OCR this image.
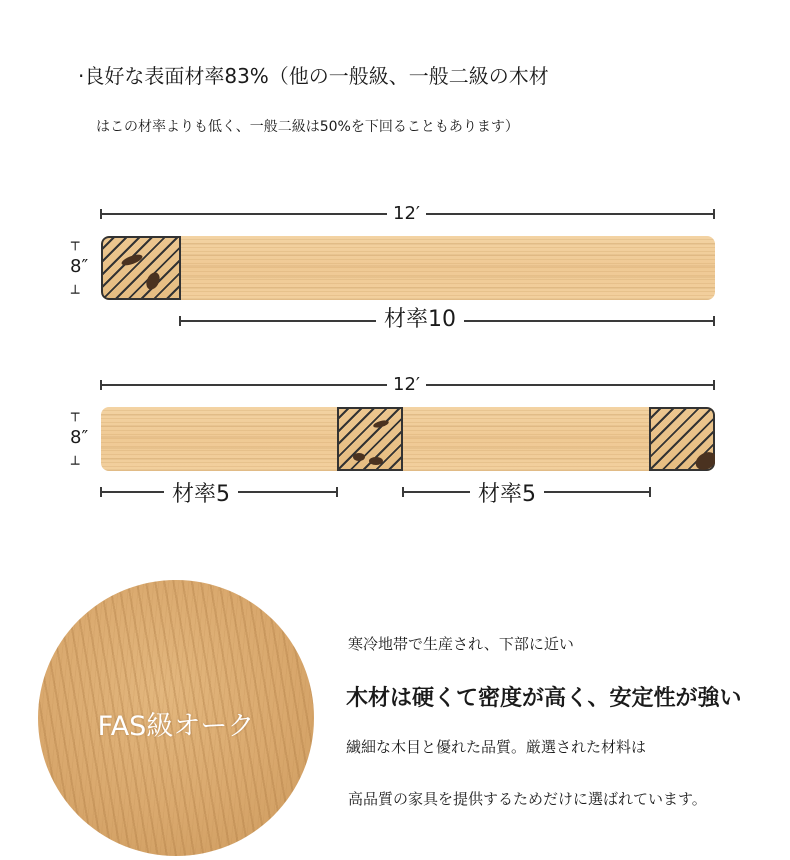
·良好な表面材率83%（他の一般級、一般二級の木材
はこの材率よりも低く、一般二級は50%を下回ることもあります）
12′
┬
8″
┴
材率10
12′
┬
8″
┴
材率5	材率5
FAS級オーク
寒冷地帯で生産され、下部に近い
木材は硬くて密度が高く、安定性が強い
繊細な木目と優れた品質。厳選された材料は
高品質の家具を提供するためだけに選ばれています。
